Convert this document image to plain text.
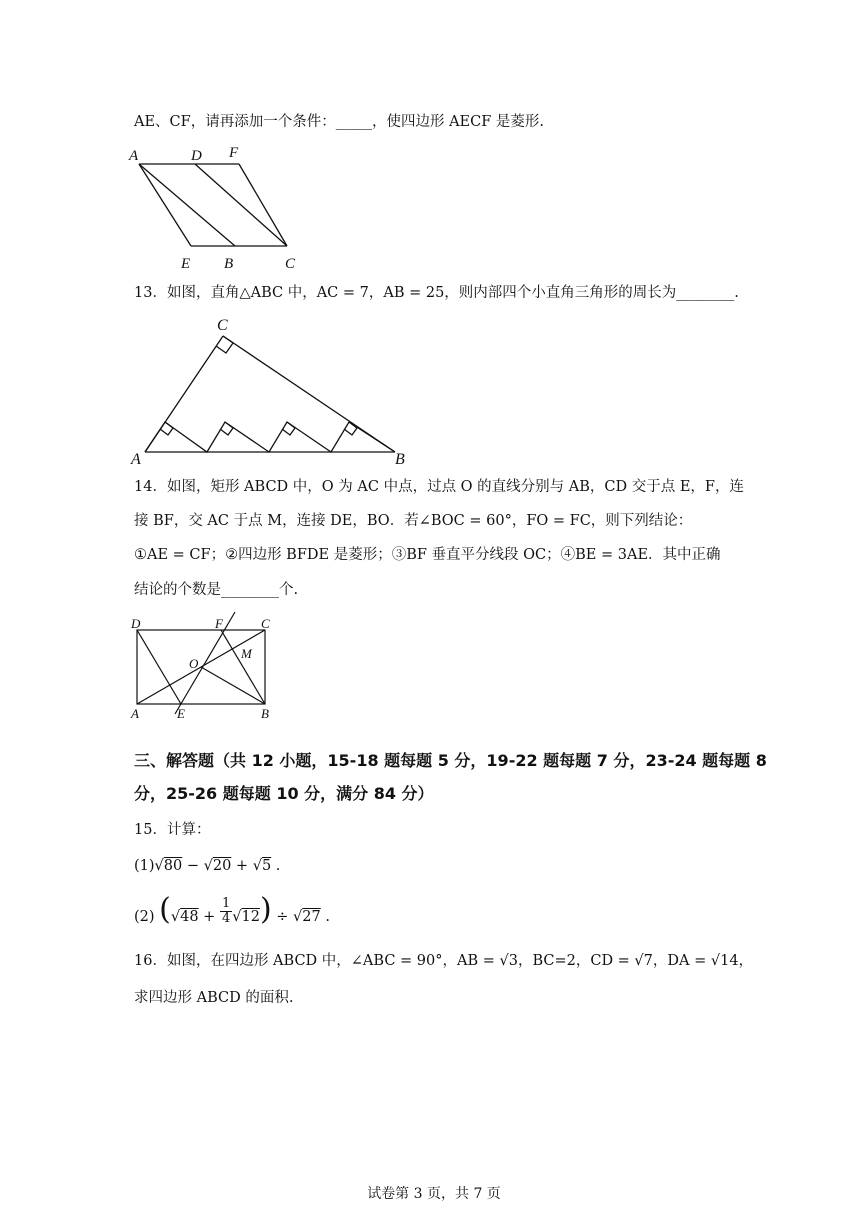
AE、CF，请再添加一个条件：_____，使四边形 AECF 是菱形.
A	D F
E B	C
13．如图，直角△ABC 中，AC = 7，AB = 25，则内部四个小直角三角形的周长为________.
C
A	B
14．如图，矩形 ABCD 中，O 为 AC 中点，过点 O 的直线分别与 AB，CD 交于点 E，F，连
接 BF，交 AC 于点 M，连接 DE，BO．若∠BOC = 60°，FO = FC，则下列结论：
①AE = CF；②四边形 BFDE 是菱形；③BF 垂直平分线段 OC；④BE = 3AE．其中正确
结论的个数是________个.
D	F	C
M
O
A	E	B
三、解答题（共 12 小题，15-18 题每题 5 分，19-22 题每题 7 分，23-24 题每题 8
分，25-26 题每题 10 分，满分 84 分）
15．计算：
(1)√80 − √20 + √5 .
(2) $(√48 + \frac{1}{4} √12) \div √27$ .
16．如图，在四边形 ABCD 中，∠ABC = 90°，AB = √3，BC=2，CD = √7，DA = √14，
求四边形 ABCD 的面积.
试卷第 3 页，共 7 页
